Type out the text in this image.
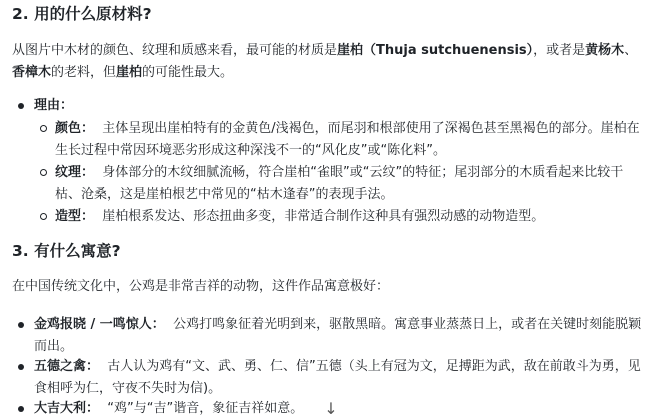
2. 用的什么原材料?
从图片中木材的颜色、纹理和质感来看，最可能的材质是崖柏（Thuja sutchuenensis），或者是黄杨木、香樟木的老料，但崖柏的可能性最大。
理由：
颜色： 主体呈现出崖柏特有的金黄色/浅褐色，而尾羽和根部使用了深褐色甚至黑褐色的部分。崖柏在生长过程中常因环境恶劣形成这种深浅不一的“风化皮”或“陈化料”。
纹理： 身体部分的木纹细腻流畅，符合崖柏“雀眼”或“云纹”的特征；尾羽部分的木质看起来比较干枯、沧桑，这是崖柏根艺中常见的“枯木逢春”的表现手法。
造型： 崖柏根系发达、形态扭曲多变，非常适合制作这种具有强烈动感的动物造型。
3. 有什么寓意?
在中国传统文化中，公鸡是非常吉祥的动物，这件作品寓意极好：
金鸡报晓 / 一鸣惊人： 公鸡打鸣象征着光明到来，驱散黑暗。寓意事业蒸蒸日上，或者在关键时刻能脱颖而出。
五德之禽： 古人认为鸡有“文、武、勇、仁、信”五德（头上有冠为文，足搏距为武，敌在前敢斗为勇，见食相呼为仁，守夜不失时为信)。
大吉大利： “鸡”与“吉”谐音，象征吉祥如意。	↓
